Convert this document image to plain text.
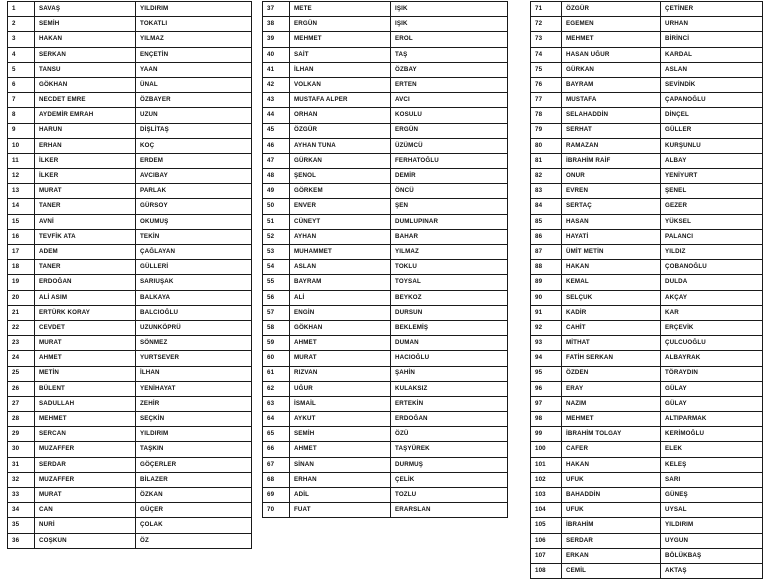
1	SAVAŞ	YILDIRIM
2	SEMİH	TOKATLI
3	HAKAN	YILMAZ
4	SERKAN	ENÇETİN
5	TANSU	YAAN
6	GÖKHAN	ÜNAL
7	NECDET EMRE	ÖZBAYER
8	AYDEMİR EMRAH	UZUN
9	HARUN	DİŞLİTAŞ
10	ERHAN	KOÇ
11	İLKER	ERDEM
12	İLKER	AVCIBAY
13	MURAT	PARLAK
14	TANER	GÜRSOY
15	AVNİ	OKUMUŞ
16	TEVFİK ATA	TEKİN
17	ADEM	ÇAĞLAYAN
18	TANER	GÜLLERİ
19	ERDOĞAN	SARIUŞAK
20	ALİ ASIM	BALKAYA
21	ERTÜRK KORAY	BALCIOĞLU
22	CEVDET	UZUNKÖPRÜ
23	MURAT	SÖNMEZ
24	AHMET	YURTSEVER
25	METİN	İLHAN
26	BÜLENT	YENİHAYAT
27	SADULLAH	ZEHİR
28	MEHMET	SEÇKİN
29	SERCAN	YILDIRIM
30	MUZAFFER	TAŞKIN
31	SERDAR	GÖÇERLER
32	MUZAFFER	BİLAZER
33	MURAT	ÖZKAN
34	CAN	GÜÇER
35	NURİ	ÇOLAK
36	COŞKUN	ÖZ
37	METE	IŞIK
38	ERGÜN	IŞIK
39	MEHMET	EROL
40	SAİT	TAŞ
41	İLHAN	ÖZBAY
42	VOLKAN	ERTEN
43	MUSTAFA ALPER	AVCI
44	ORHAN	KOSULU
45	ÖZGÜR	ERGÜN
46	AYHAN TUNA	ÜZÜMCÜ
47	GÜRKAN	FERHATOĞLU
48	ŞENOL	DEMİR
49	GÖRKEM	ÖNCÜ
50	ENVER	ŞEN
51	CÜNEYT	DUMLUPINAR
52	AYHAN	BAHAR
53	MUHAMMET	YILMAZ
54	ASLAN	TOKLU
55	BAYRAM	TOYSAL
56	ALİ	BEYKOZ
57	ENGİN	DURSUN
58	GÖKHAN	BEKLEMİŞ
59	AHMET	DUMAN
60	MURAT	HACIOĞLU
61	RIZVAN	ŞAHİN
62	UĞUR	KULAKSIZ
63	İSMAİL	ERTEKİN
64	AYKUT	ERDOĞAN
65	SEMİH	ÖZÜ
66	AHMET	TAŞYÜREK
67	SİNAN	DURMUŞ
68	ERHAN	ÇELİK
69	ADİL	TOZLU
70	FUAT	ERARSLAN
71	ÖZGÜR	ÇETİNER
72	EGEMEN	URHAN
73	MEHMET	BİRİNCİ
74	HASAN UĞUR	KARDAL
75	GÜRKAN	ASLAN
76	BAYRAM	SEVİNDİK
77	MUSTAFA	ÇAPANOĞLU
78	SELAHADDİN	DİNÇEL
79	SERHAT	GÜLLER
80	RAMAZAN	KURŞUNLU
81	İBRAHİM RAİF	ALBAY
82	ONUR	YENİYURT
83	EVREN	ŞENEL
84	SERTAÇ	GEZER
85	HASAN	YÜKSEL
86	HAYATİ	PALANCI
87	ÜMİT METİN	YILDIZ
88	HAKAN	ÇOBANOĞLU
89	KEMAL	DULDA
90	SELÇUK	AKÇAY
91	KADİR	KAR
92	CAHİT	ERÇEVİK
93	MİTHAT	ÇULCUOĞLU
94	FATİH SERKAN	ALBAYRAK
95	ÖZDEN	TÖRAYDIN
96	ERAY	GÜLAY
97	NAZIM	GÜLAY
98	MEHMET	ALTIPARMAK
99	İBRAHİM TOLGAY	KERİMOĞLU
100	CAFER	ELEK
101	HAKAN	KELEŞ
102	UFUK	SARI
103	BAHADDİN	GÜNEŞ
104	UFUK	UYSAL
105	İBRAHİM	YILDIRIM
106	SERDAR	UYGUN
107	ERKAN	BÖLÜKBAŞ
108	CEMİL	AKTAŞ
